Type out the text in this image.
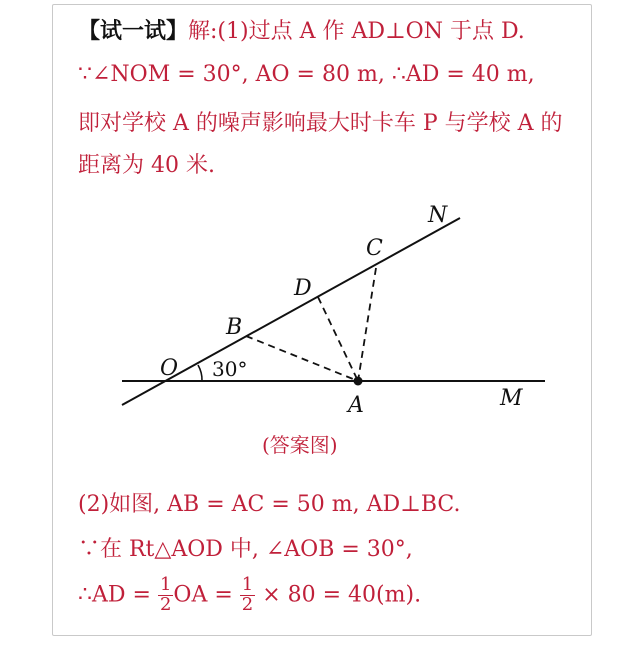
【试一试】解:(1)过点 A 作 AD⊥ON 于点 D.
∵∠NOM = 30°, AO = 80 m, ∴AD = 40 m,
即对学校 A 的噪声影响最大时卡车 P 与学校 A 的
距离为 40 米.
O 30°
A
B
D
C
N
M
(答案图)
(2)如图, AB = AC = 50 m, AD⊥BC.
∵在 Rt△AOD 中, ∠AOB = 30°,
∴AD = $\frac{1}{2}$ OA = $\frac{1}{2} \times 80 = 40(m)$.
